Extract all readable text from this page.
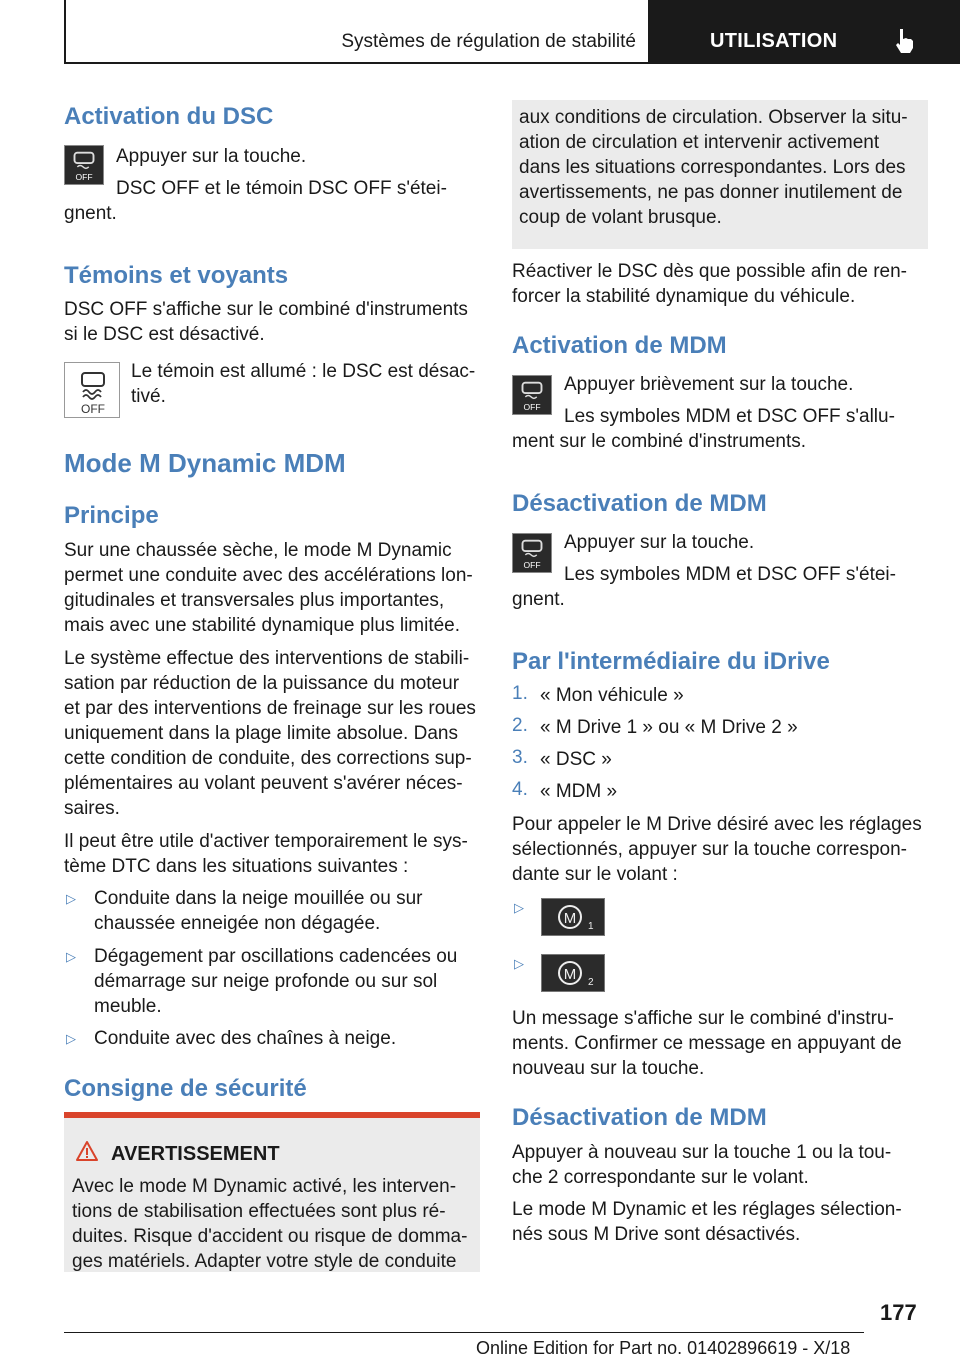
Systèmes de régulation de stabilité	UTILISATION
Activation du DSC
OFF
Appuyer sur la touche.
DSC OFF et le témoin DSC OFF s'étei-
gnent.
Témoins et voyants
DSC OFF s'affiche sur le combiné d'instruments
si le DSC est désactivé.
OFF
Le témoin est allumé : le DSC est désac-
tivé.
Mode M Dynamic MDM
Principe
Sur une chaussée sèche, le mode M Dynamic
permet une conduite avec des accélérations lon-
gitudinales et transversales plus importantes,
mais avec une stabilité dynamique plus limitée.
Le système effectue des interventions de stabili-
sation par réduction de la puissance du moteur
et par des interventions de freinage sur les roues
uniquement dans la plage limite absolue. Dans
cette condition de conduite, des corrections sup-
plémentaires au volant peuvent s'avérer néces-
saires.
Il peut être utile d'activer temporairement le sys-
tème DTC dans les situations suivantes :
▷ Conduite dans la neige mouillée ou sur
chaussée enneigée non dégagée.
▷ Dégagement par oscillations cadencées ou
démarrage sur neige profonde ou sur sol
meuble.
▷ Conduite avec des chaînes à neige.
Consigne de sécurité
AVERTISSEMENT
Avec le mode M Dynamic activé, les interven-
tions de stabilisation effectuées sont plus ré-
duites. Risque d'accident ou risque de domma-
ges matériels. Adapter votre style de conduite
aux conditions de circulation. Observer la situ-
ation de circulation et intervenir activement
dans les situations correspondantes. Lors des
avertissements, ne pas donner inutilement de
coup de volant brusque.
Réactiver le DSC dès que possible afin de ren-
forcer la stabilité dynamique du véhicule.
Activation de MDM
OFF
Appuyer brièvement sur la touche.
Les symboles MDM et DSC OFF s'allu-
ment sur le combiné d'instruments.
Désactivation de MDM
OFF
Appuyer sur la touche.
Les symboles MDM et DSC OFF s'étei-
gnent.
Par l'intermédiaire du iDrive
1. « Mon véhicule »
2. « M Drive 1 » ou « M Drive 2 »
3. « DSC »
4. « MDM »
Pour appeler le M Drive désiré avec les réglages
sélectionnés, appuyer sur la touche correspon-
dante sur le volant :
▷
M 1
▷
M 2
Un message s'affiche sur le combiné d'instru-
ments. Confirmer ce message en appuyant de
nouveau sur la touche.
Désactivation de MDM
Appuyer à nouveau sur la touche 1 ou la tou-
che 2 correspondante sur le volant.
Le mode M Dynamic et les réglages sélection-
nés sous M Drive sont désactivés.
177
Online Edition for Part no. 01402896619 - X/18
